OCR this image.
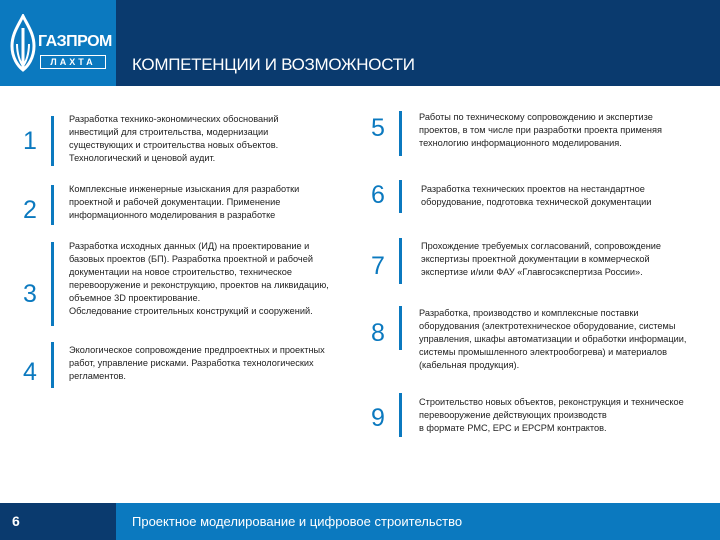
ГАЗПРОМ
ЛАХТА	КОМПЕТЕНЦИИ И ВОЗМОЖНОСТИ
1
Разработка технико-экономических обоснований
инвестиций для строительства, модернизации
существующих и строительства новых объектов.
Технологический и ценовой аудит.
2
Комплексные инженерные изыскания для разработки
проектной и рабочей документации. Применение
информационного моделирования в разработке
3
Разработка исходных данных (ИД) на проектирование и
базовых проектов (БП). Разработка проектной и рабочей
документации на новое строительство, техническое
перевооружение и реконструкцию, проектов на ликвидацию,
объемное 3D проектирование.
Обследование строительных конструкций и сооружений.
4
Экологическое сопровождение предпроектных и проектных
работ, управление рисками. Разработка технологических
регламентов.
5	Работы по техническому сопровождению и экспертизе
проектов, в том числе при разработки проекта применяя
технологию информационного моделирования.
6	Разработка технических проектов на нестандартное
оборудование, подготовка технической документации
7
Прохождение требуемых согласований, сопровождение
экспертизы проектной документации в коммерческой
экспертизе и/или ФАУ «Главгосэкспертиза России».
8
Разработка, производство и комплексные поставки
оборудования (электротехническое оборудование, системы
управления, шкафы автоматизации и обработки информации,
системы промышленного электрообогрева) и материалов
(кабельная продукция).
9
Строительство новых объектов, реконструкция и техническое
перевооружение действующих производств
в формате PMC, EPC и EPCPM контрактов.
6	Проектное моделирование и цифровое строительство
